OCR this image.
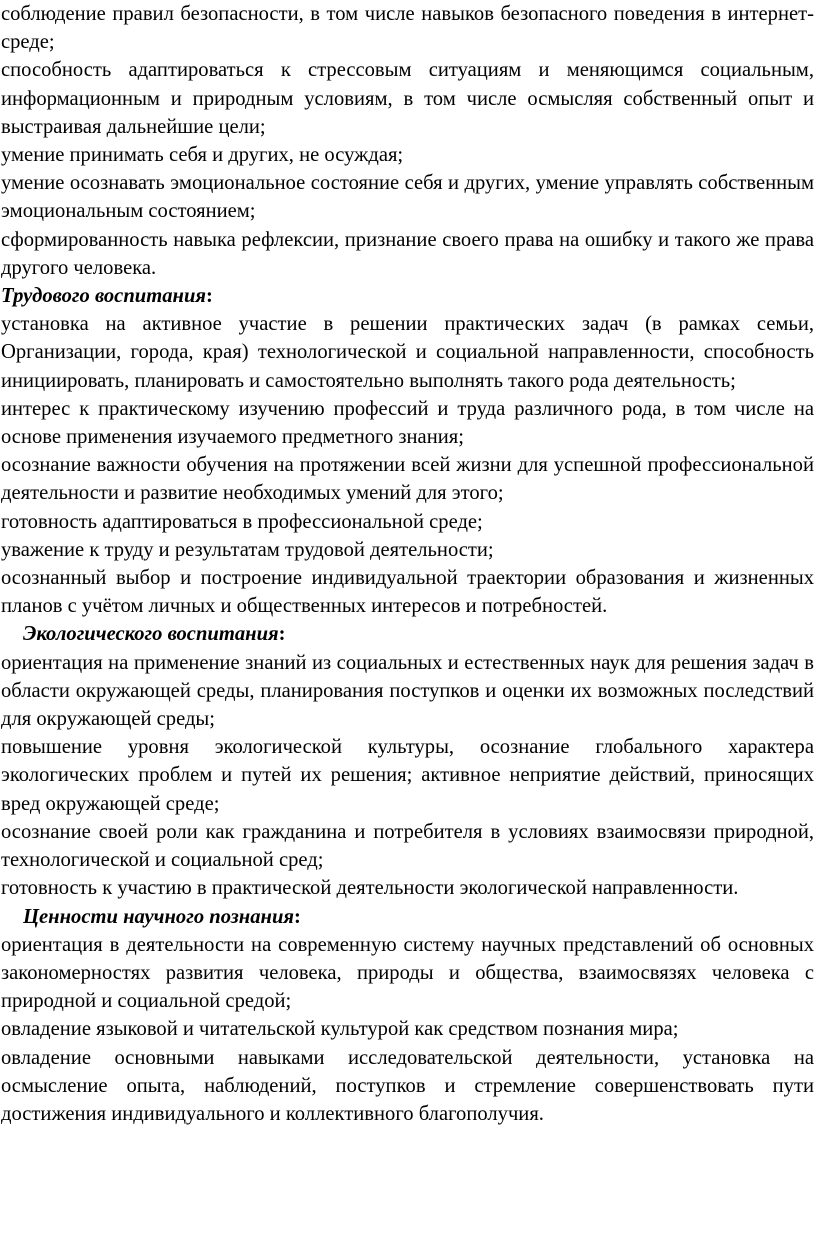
соблюдение правил безопасности, в том числе навыков безопасного поведения в интернет-среде;

способность адаптироваться к стрессовым ситуациям и меняющимся социальным, информационным и природным условиям, в том числе осмысляя собственный опыт и выстраивая дальнейшие цели;

умение принимать себя и других, не осуждая;

умение осознавать эмоциональное состояние себя и других, умение управлять собственным эмоциональным состоянием;

сформированность навыка рефлексии, признание своего права на ошибку и такого же права другого человека.

Трудового воспитания:

установка на активное участие в решении практических задач (в рамках семьи, Организации, города, края) технологической и социальной направленности, способность инициировать, планировать и самостоятельно выполнять такого рода деятельность;

интерес к практическому изучению профессий и труда различного рода, в том числе на основе применения изучаемого предметного знания;

осознание важности обучения на протяжении всей жизни для успешной профессиональной деятельности и развитие необходимых умений для этого;

готовность адаптироваться в профессиональной среде;

уважение к труду и результатам трудовой деятельности;

осознанный выбор и построение индивидуальной траектории образования и жизненных планов с учётом личных и общественных интересов и потребностей.

Экологического воспитания:

ориентация на применение знаний из социальных и естественных наук для решения задач в области окружающей среды, планирования поступков и оценки их возможных последствий для окружающей среды;

повышение уровня экологической культуры, осознание глобального характера экологических проблем и путей их решения; активное неприятие действий, приносящих вред окружающей среде;

осознание своей роли как гражданина и потребителя в условиях взаимосвязи природной, технологической и социальной сред;

готовность к участию в практической деятельности экологической направленности.

Ценности научного познания:

ориентация в деятельности на современную систему научных представлений об основных закономерностях развития человека, природы и общества, взаимосвязях человека с природной и социальной средой;

овладение языковой и читательской культурой как средством познания мира;

овладение основными навыками исследовательской деятельности, установка на осмысление опыта, наблюдений, поступков и стремление совершенствовать пути достижения индивидуального и коллективного благополучия.
